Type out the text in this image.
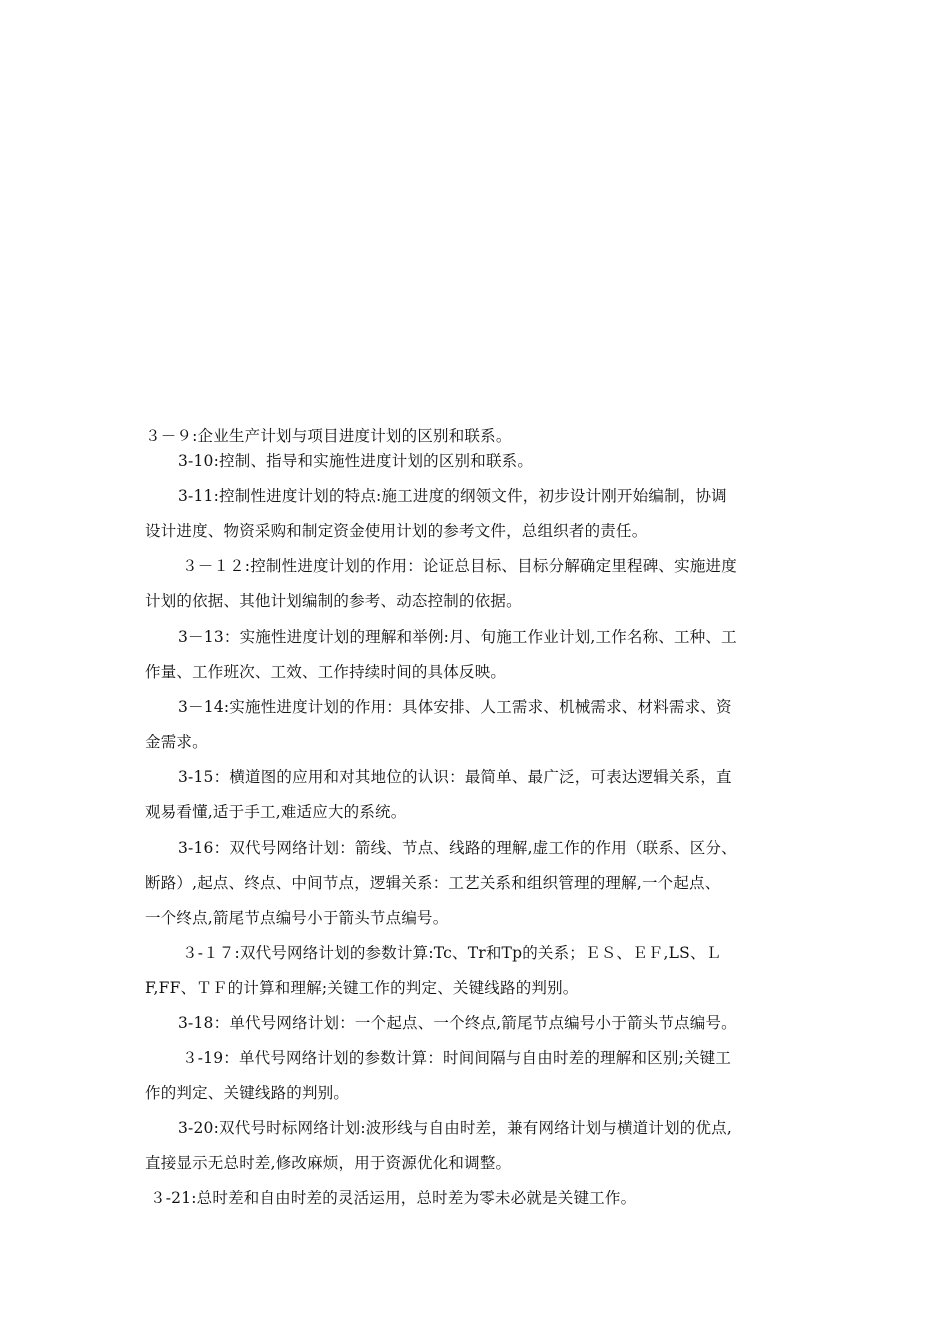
３－９:企业生产计划与项目进度计划的区别和联系。
3-10:控制、指导和实施性进度计划的区别和联系。
3-11:控制性进度计划的特点:施工进度的纲领文件，初步设计刚开始编制，协调
设计进度、物资采购和制定资金使用计划的参考文件，总组织者的责任。
３－１２:控制性进度计划的作用：论证总目标、目标分解确定里程碑、实施进度
计划的依据、其他计划编制的参考、动态控制的依据。
3－13：实施性进度计划的理解和举例:月、旬施工作业计划,工作名称、工种、工
作量、工作班次、工效、工作持续时间的具体反映。
3－14:实施性进度计划的作用：具体安排、人工需求、机械需求、材料需求、资
金需求。
3-15：横道图的应用和对其地位的认识：最简单、最广泛，可表达逻辑关系，直
观易看懂,适于手工,难适应大的系统。
3-16：双代号网络计划：箭线、节点、线路的理解,虚工作的作用（联系、区分、
断路）,起点、终点、中间节点，逻辑关系：工艺关系和组织管理的理解,一个起点、
一个终点,箭尾节点编号小于箭头节点编号。
３-１７:双代号网络计划的参数计算:Tc、Tr和Tp的关系；ＥＳ、ＥＦ,LS、Ｌ
F,FF、ＴＦ的计算和理解;关键工作的判定、关键线路的判别。
3-18：单代号网络计划：一个起点、一个终点,箭尾节点编号小于箭头节点编号。
３-19：单代号网络计划的参数计算：时间间隔与自由时差的理解和区别;关键工
作的判定、关键线路的判别。
3-20:双代号时标网络计划:波形线与自由时差，兼有网络计划与横道计划的优点,
直接显示无总时差,修改麻烦，用于资源优化和调整。
３-21:总时差和自由时差的灵活运用，总时差为零未必就是关键工作。
